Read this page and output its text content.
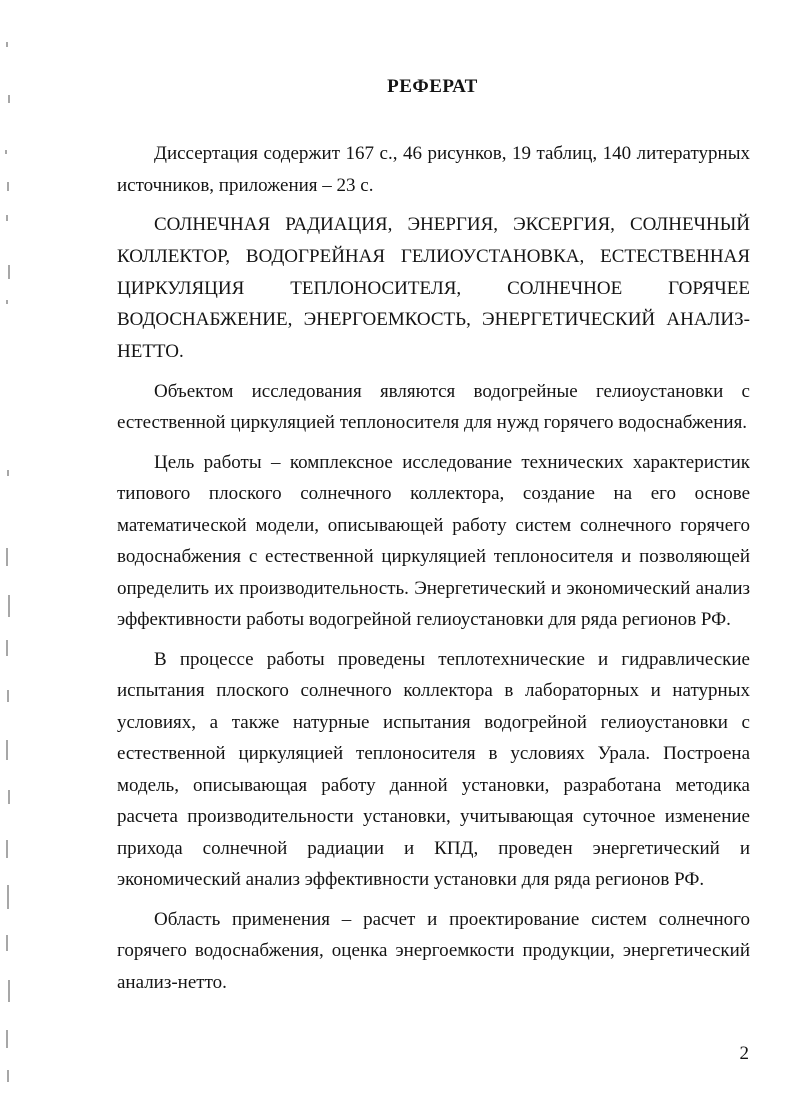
РЕФЕРАТ

Диссертация содержит 167 с., 46 рисунков, 19 таблиц, 140 литературных источников, приложения – 23 с.

СОЛНЕЧНАЯ РАДИАЦИЯ, ЭНЕРГИЯ, ЭКСЕРГИЯ, СОЛНЕЧНЫЙ КОЛЛЕКТОР, ВОДОГРЕЙНАЯ ГЕЛИОУСТАНОВКА, ЕСТЕСТВЕННАЯ ЦИРКУЛЯЦИЯ ТЕПЛОНОСИТЕЛЯ, СОЛНЕЧНОЕ ГОРЯЧЕЕ ВОДОСНАБЖЕНИЕ, ЭНЕРГОЕМКОСТЬ, ЭНЕРГЕТИЧЕСКИЙ АНАЛИЗ-НЕТТО.

Объектом исследования являются водогрейные гелиоустановки с естественной циркуляцией теплоносителя для нужд горячего водоснабжения.

Цель работы – комплексное исследование технических характеристик типового плоского солнечного коллектора, создание на его основе математической модели, описывающей работу систем солнечного горячего водоснабжения с естественной циркуляцией теплоносителя и позволяющей определить их производительность. Энергетический и экономический анализ эффективности работы водогрейной гелиоустановки для ряда регионов РФ.

В процессе работы проведены теплотехнические и гидравлические испытания плоского солнечного коллектора в лабораторных и натурных условиях, а также натурные испытания водогрейной гелиоустановки с естественной циркуляцией теплоносителя в условиях Урала. Построена модель, описывающая работу данной установки, разработана методика расчета производительности установки, учитывающая суточное изменение прихода солнечной радиации и КПД, проведен энергетический и экономический анализ эффективности установки для ряда регионов РФ.

Область применения – расчет и проектирование систем солнечного горячего водоснабжения, оценка энергоемкости продукции, энергетический анализ-нетто.

2
